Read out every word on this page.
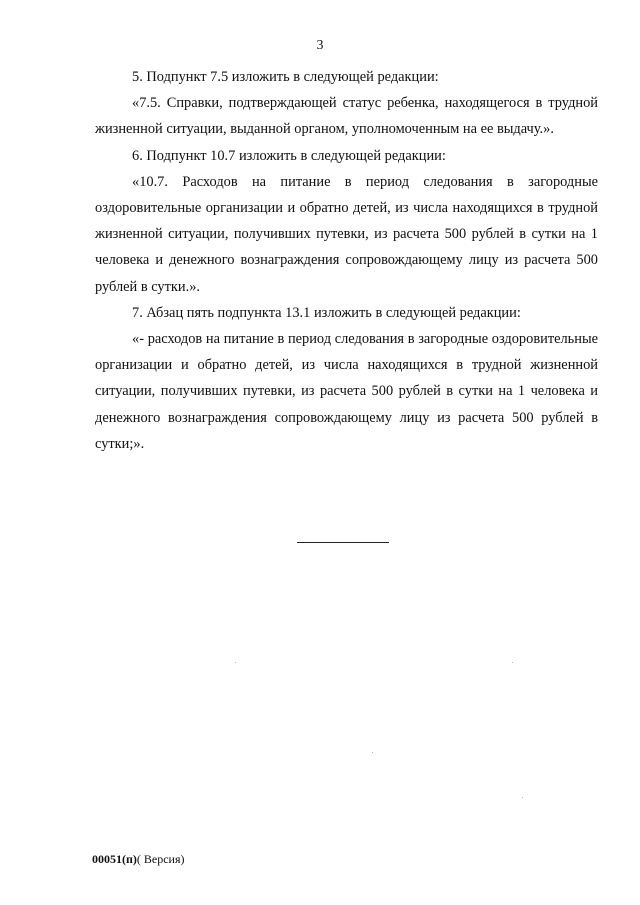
3

5. Подпункт 7.5 изложить в следующей редакции:

«7.5. Справки, подтверждающей статус ребенка, находящегося в трудной жизненной ситуации, выданной органом, уполномоченным на ее выдачу.».

6. Подпункт 10.7 изложить в следующей редакции:

«10.7. Расходов на питание в период следования в загородные оздоровительные организации и обратно детей, из числа находящихся в трудной жизненной ситуации, получивших путевки, из расчета 500 рублей в сутки на 1 человека и денежного вознаграждения сопровождающему лицу из расчета 500 рублей в сутки.».

7. Абзац пять подпункта 13.1 изложить в следующей редакции:

«- расходов на питание в период следования в загородные оздоровительные организации и обратно детей, из числа находящихся в трудной жизненной ситуации, получивших путевки, из расчета 500 рублей в сутки на 1 человека и денежного вознаграждения сопровождающему лицу из расчета 500 рублей в сутки;».

00051(п)( Версия)
